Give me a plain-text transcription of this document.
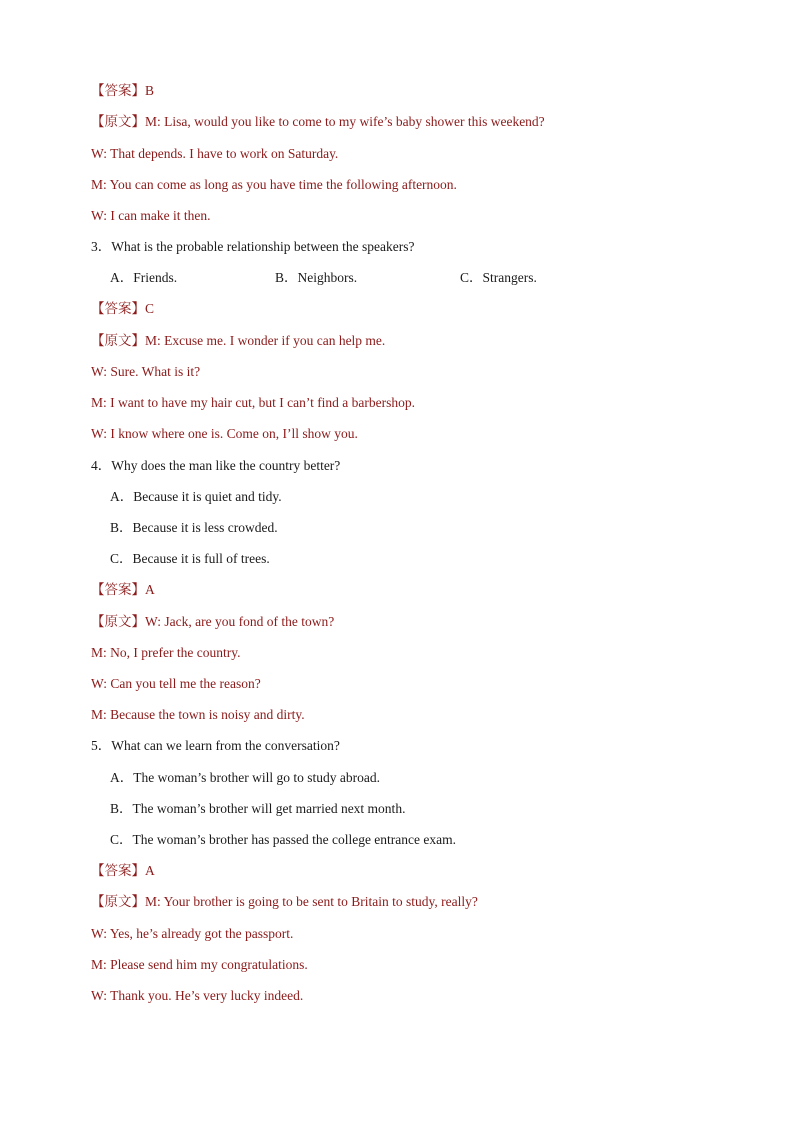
【答案】B
【原文】M: Lisa, would you like to come to my wife’s baby shower this weekend?
W: That depends. I have to work on Saturday.
M: You can come as long as you have time the following afternoon.
W: I can make it then.
3．What is the probable relationship between the speakers?
A．Friends.	B．Neighbors.	C．Strangers.
【答案】C
【原文】M: Excuse me. I wonder if you can help me.
W: Sure. What is it?
M: I want to have my hair cut, but I can’t find a barbershop.
W: I know where one is. Come on, I’ll show you.
4．Why does the man like the country better?
A．Because it is quiet and tidy.
B．Because it is less crowded.
C．Because it is full of trees.
【答案】A
【原文】W: Jack, are you fond of the town?
M: No, I prefer the country.
W: Can you tell me the reason?
M: Because the town is noisy and dirty.
5．What can we learn from the conversation?
A．The woman’s brother will go to study abroad.
B．The woman’s brother will get married next month.
C．The woman’s brother has passed the college entrance exam.
【答案】A
【原文】M: Your brother is going to be sent to Britain to study, really?
W: Yes, he’s already got the passport.
M: Please send him my congratulations.
W: Thank you. He’s very lucky indeed.
